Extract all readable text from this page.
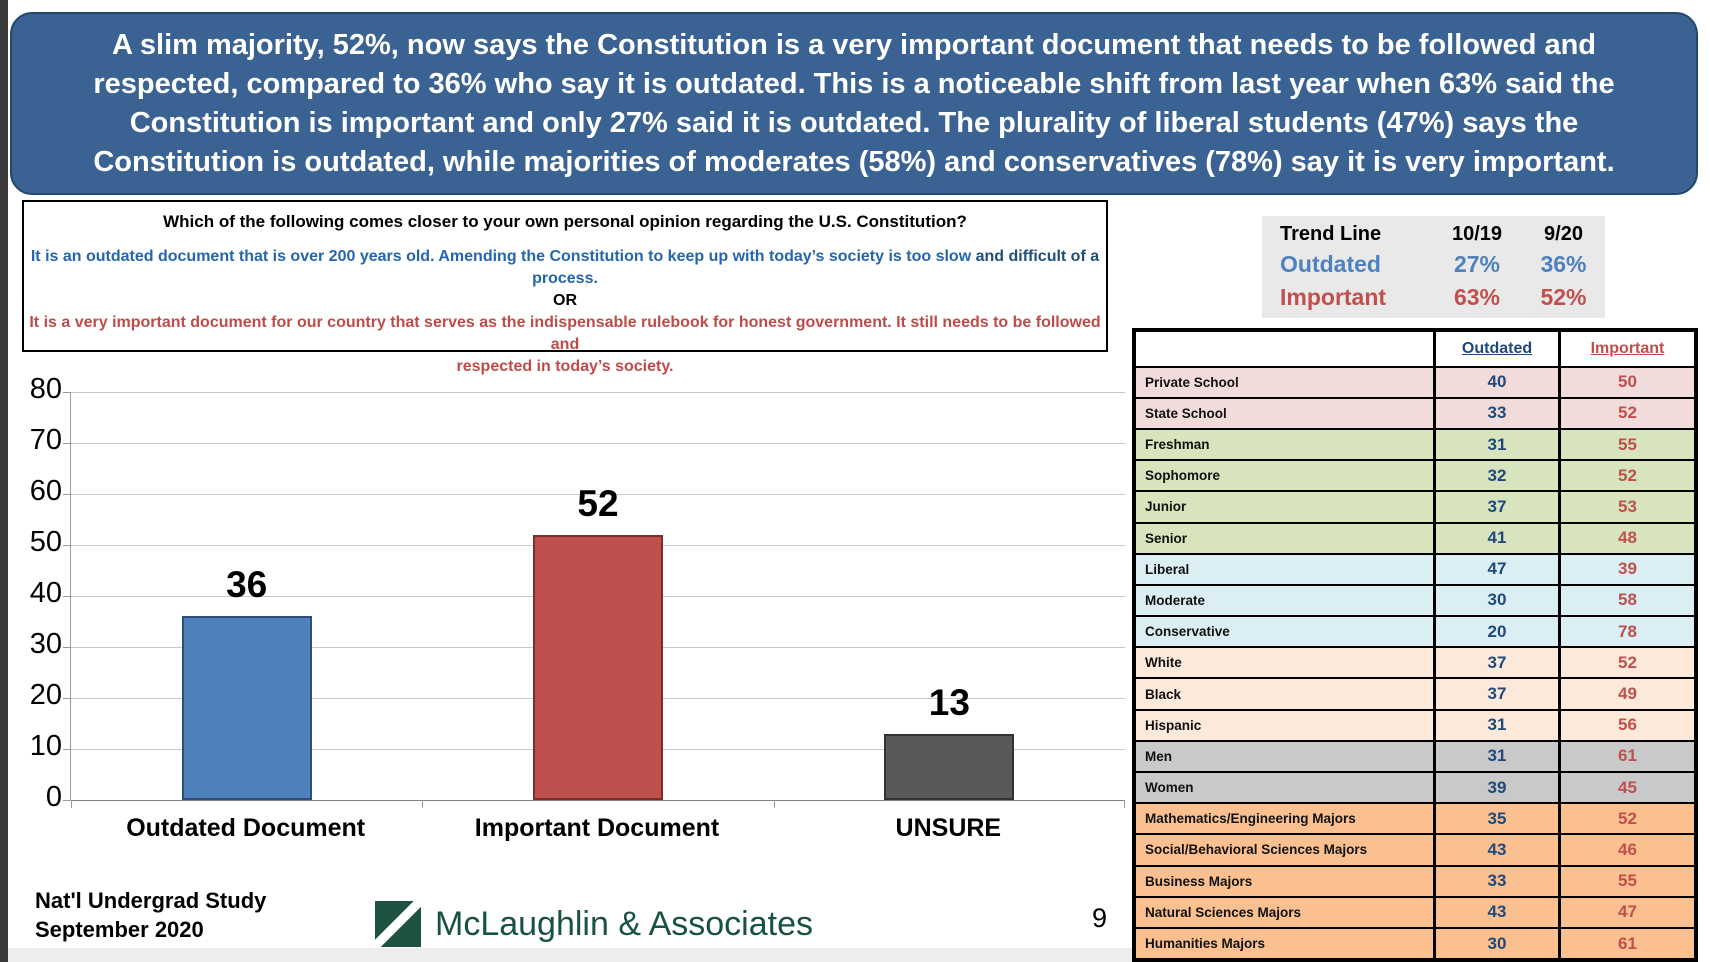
A slim majority, 52%, now says the Constitution is a very important document that needs to be followed and
respected, compared to 36% who say it is outdated. This is a noticeable shift from last year when 63% said the
Constitution is important and only 27% said it is outdated. The plurality of liberal students (47%) says the
Constitution is outdated, while majorities of moderates (58%) and conservatives (78%) say it is very important.
Which of the following comes closer to your own personal opinion regarding the U.S. Constitution?
It is an outdated document that is over 200 years old. Amending the Constitution to keep up with today’s society is too slow and difficult of a
process.
OR
It is a very important document for our country that serves as the indispensable rulebook for honest government. It still needs to be followed and
respected in today’s society.
Trend Line	10/19	9/20
Outdated	27%	36%
Important	63%	52%
36
52
13
0
10
20
30
40
50
60
70
80
Outdated Document	Important Document	UNSURE
Nat'l Undergrad Study
September 2020	McLaughlin & Associates	9
Outdated	Important
Private School	40	50
State School	33	52
Freshman	31	55
Sophomore	32	52
Junior	37	53
Senior	41	48
Liberal	47	39
Moderate	30	58
Conservative	20	78
White	37	52
Black	37	49
Hispanic	31	56
Men	31	61
Women	39	45
Mathematics/Engineering Majors	35	52
Social/Behavioral Sciences Majors	43	46
Business Majors	33	55
Natural Sciences Majors	43	47
Humanities Majors	30	61
